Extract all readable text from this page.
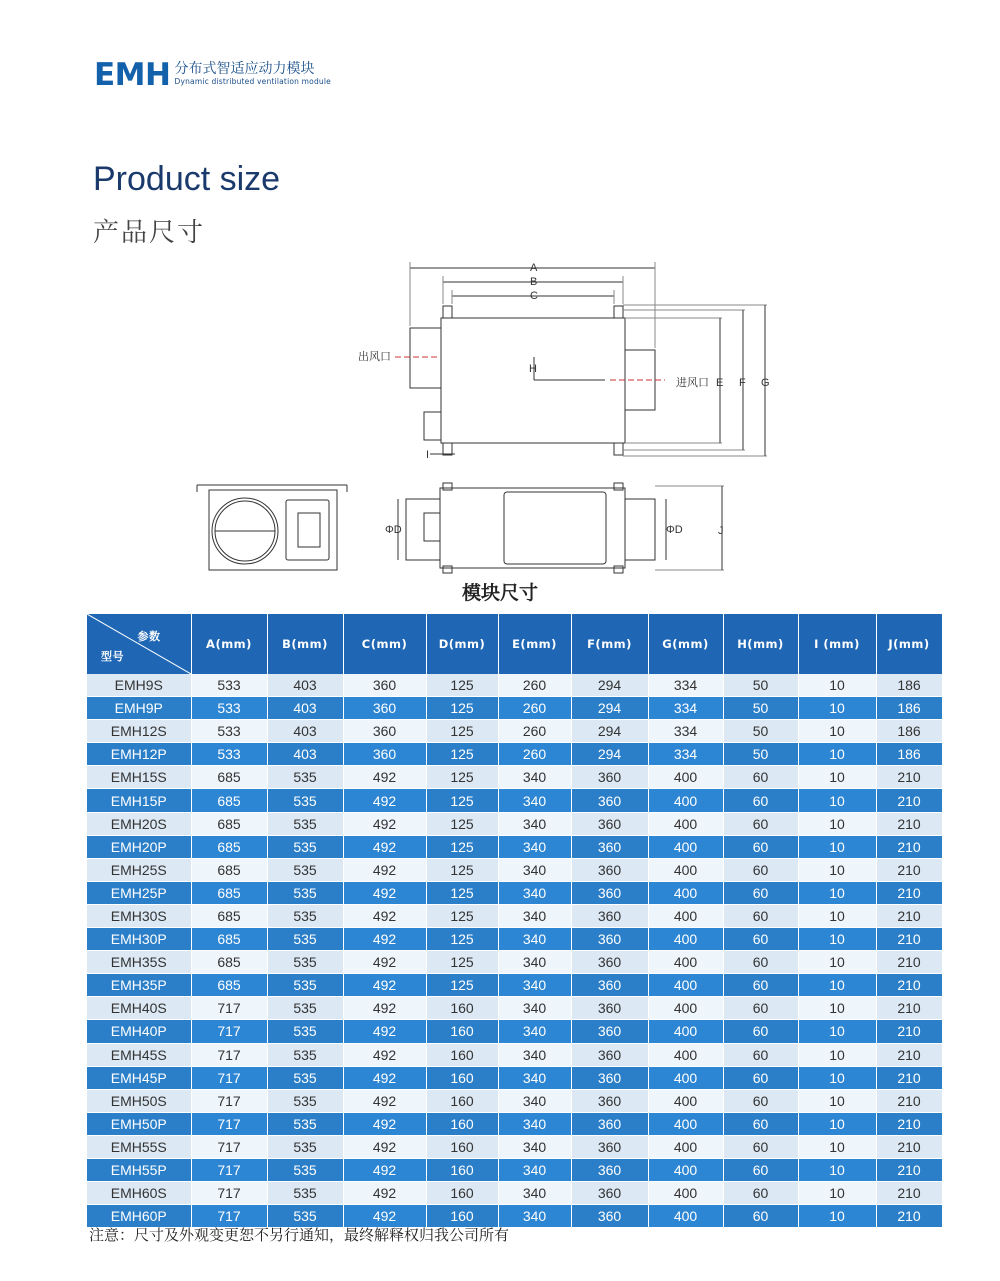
EMH 分布式智适应动力模块
Dynamic distributed ventilation module
Product size
产品尺寸
A
B
C
E F G
H
I
J
ΦD	ΦD
出风口
进风口
模块尺寸
参数
型号	A(mm)	B(mm)	C(mm)	D(mm)	E(mm)	F(mm)	G(mm)	H(mm)	I (mm)	J(mm)
EMH9S	533	403	360	125	260	294	334	50	10	186
EMH9P	533	403	360	125	260	294	334	50	10	186
EMH12S	533	403	360	125	260	294	334	50	10	186
EMH12P	533	403	360	125	260	294	334	50	10	186
EMH15S	685	535	492	125	340	360	400	60	10	210
EMH15P	685	535	492	125	340	360	400	60	10	210
EMH20S	685	535	492	125	340	360	400	60	10	210
EMH20P	685	535	492	125	340	360	400	60	10	210
EMH25S	685	535	492	125	340	360	400	60	10	210
EMH25P	685	535	492	125	340	360	400	60	10	210
EMH30S	685	535	492	125	340	360	400	60	10	210
EMH30P	685	535	492	125	340	360	400	60	10	210
EMH35S	685	535	492	125	340	360	400	60	10	210
EMH35P	685	535	492	125	340	360	400	60	10	210
EMH40S	717	535	492	160	340	360	400	60	10	210
EMH40P	717	535	492	160	340	360	400	60	10	210
EMH45S	717	535	492	160	340	360	400	60	10	210
EMH45P	717	535	492	160	340	360	400	60	10	210
EMH50S	717	535	492	160	340	360	400	60	10	210
EMH50P	717	535	492	160	340	360	400	60	10	210
EMH55S	717	535	492	160	340	360	400	60	10	210
EMH55P	717	535	492	160	340	360	400	60	10	210
EMH60S	717	535	492	160	340	360	400	60	10	210
EMH60P	717	535	492	160	340	360	400	60	10	210
注意：尺寸及外观变更恕不另行通知，最终解释权归我公司所有
